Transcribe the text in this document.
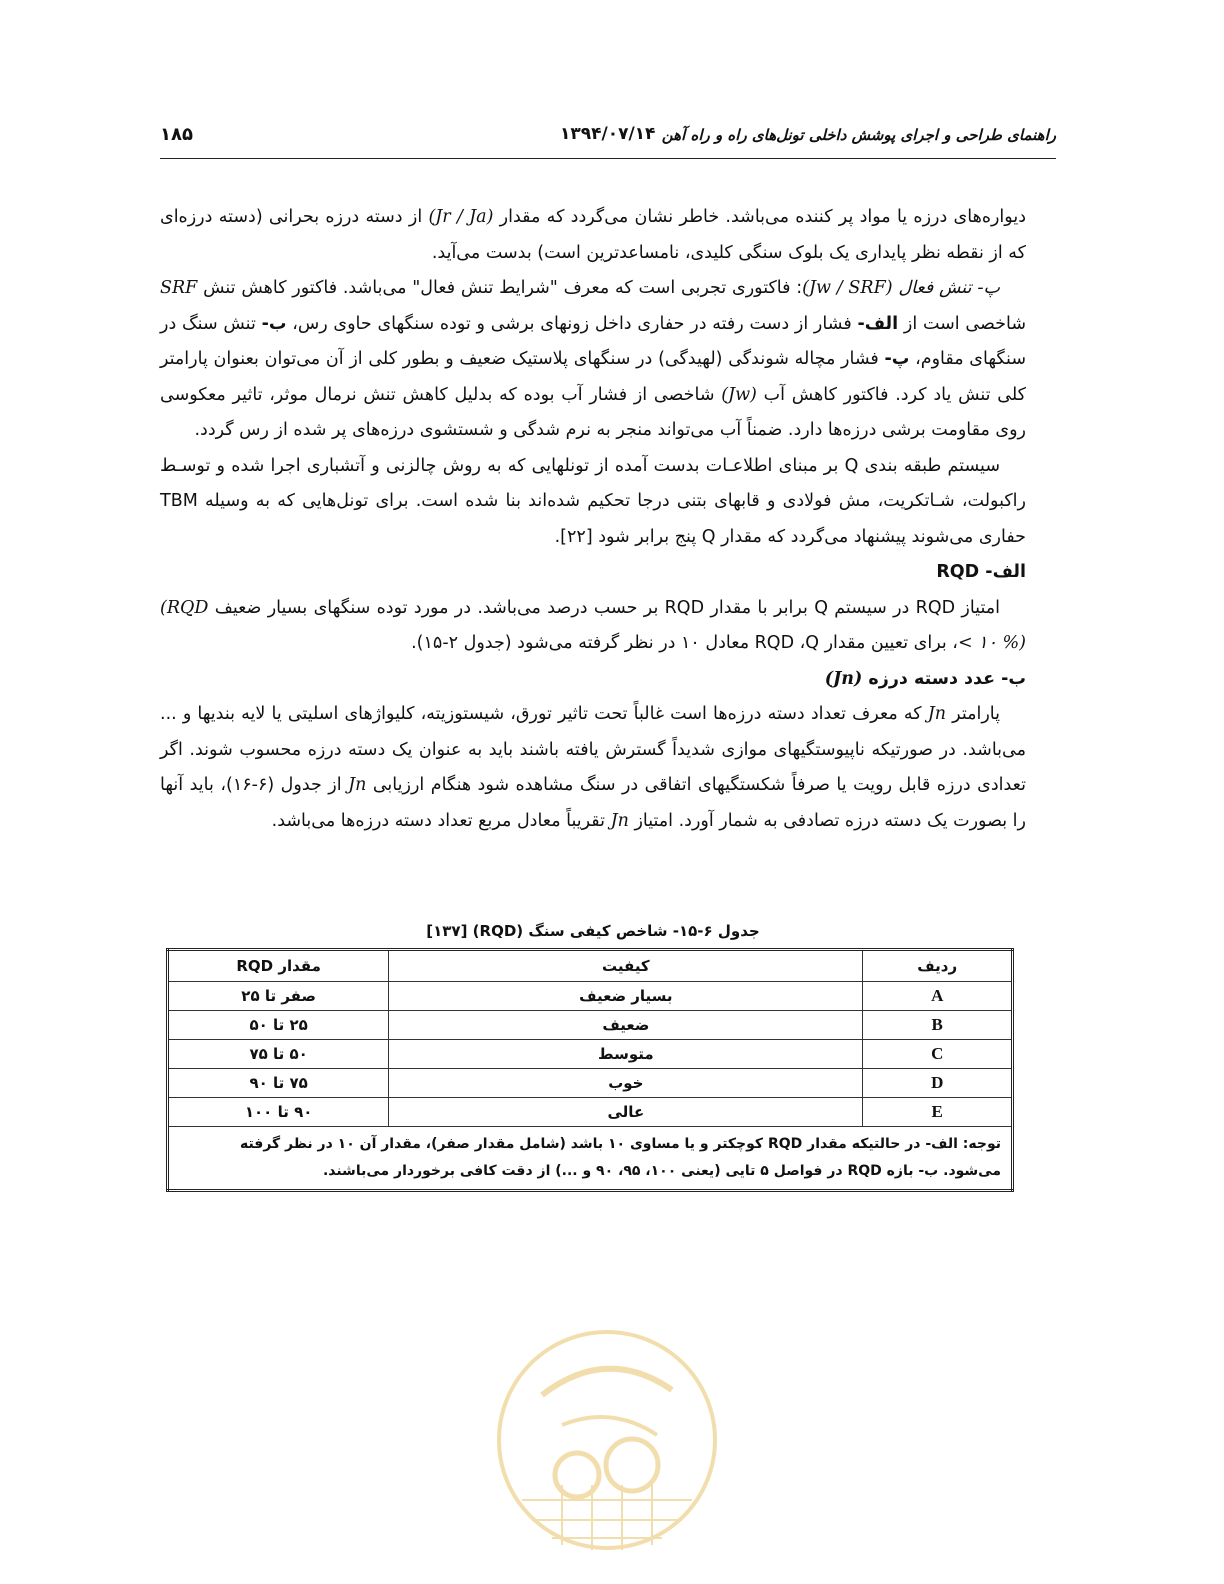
راهنمای طراحی و اجرای پوشش داخلی تونل‌های راه و راه آهن
۱۳۹۴/۰۷/۱۴
۱۸۵

دیواره‌های درزه یا مواد پر کننده می‌باشد. خاطر نشان می‌گردد که مقدار (Jr / Ja) از دسته درزه بحرانی (دسته درزه‌ای که از نقطه نظر پایداری یک بلوک سنگی کلیدی، نامساعدترین است) بدست می‌آید.

پ- تنش فعال (Jw / SRF): فاکتوری تجربی است که معرف "شرایط تنش فعال" می‌باشد. فاکتور کاهش تنش SRF شاخصی است از الف- فشار از دست رفته در حفاری داخل زونهای برشی و توده سنگهای حاوی رس، ب- تنش سنگ در سنگهای مقاوم، پ- فشار مچاله شوندگی (لهیدگی) در سنگهای پلاستیک ضعیف و بطور کلی از آن می‌توان بعنوان پارامتر کلی تنش یاد کرد. فاکتور کاهش آب (Jw) شاخصی از فشار آب بوده که بدلیل کاهش تنش نرمال موثر، تاثیر معکوسی روی مقاومت برشی درزه‌ها دارد. ضمناً آب می‌تواند منجر به نرم شدگی و شستشوی درزه‌های پر شده از رس گردد.

سیستم طبقه بندی Q بر مبنای اطلاعـات بدست آمده از تونلهایی که به روش چالزنی و آتشباری اجرا شده و توسـط راکبولت، شـاتکریت، مش فولادی و قابهای بتنی درجا تحکیم شده‌اند بنا شده است. برای تونل‌هایی که به وسیله TBM حفاری می‌شوند پیشنهاد می‌گردد که مقدار Q پنج برابر شود [۲۲].

الف- RQD

امتیاز RQD در سیستم Q برابر با مقدار RQD بر حسب درصد می‌باشد. در مورد توده سنگهای بسیار ضعیف (RQD < ۱۰ %)، برای تعیین مقدار RQD ،Q معادل ۱۰ در نظر گرفته می‌شود (جدول ۲-۱۵).

ب- عدد دسته درزه (Jn)

پارامتر Jn که معرف تعداد دسته درزه‌ها است غالباً تحت تاثیر تورق، شیستوزیته، کلیواژهای اسلیتی یا لایه بندیها و ... می‌باشد. در صورتیکه ناپیوستگیهای موازی شدیداً گسترش یافته باشند باید به عنوان یک دسته درزه محسوب شوند. اگر تعدادی درزه قابل رویت یا صرفاً شکستگیهای اتفاقی در سنگ مشاهده شود هنگام ارزیابی Jn از جدول (۶-۱۶)، باید آنها را بصورت یک دسته درزه تصادفی به شمار آورد. امتیاز Jn تقریباً معادل مربع تعداد دسته درزه‌ها می‌باشد.

جدول ۶-۱۵- شاخص کیفی سنگ (RQD) [۱۳۷]
ردیف	کیفیت	مقدار RQD
A	بسیار ضعیف	صفر تا ۲۵
B	ضعیف	۲۵ تا ۵۰
C	متوسط	۵۰ تا ۷۵
D	خوب	۷۵ تا ۹۰
E	عالی	۹۰ تا ۱۰۰
توجه: الف- در حالتیکه مقدار RQD کوچکتر و یا مساوی ۱۰ باشد (شامل مقدار صفر)، مقدار آن ۱۰ در نظر گرفته می‌شود. ب- بازه RQD در فواصل ۵ تایی (یعنی ۱۰۰، ۹۵، ۹۰ و ...) از دقت کافی برخوردار می‌باشند.		
